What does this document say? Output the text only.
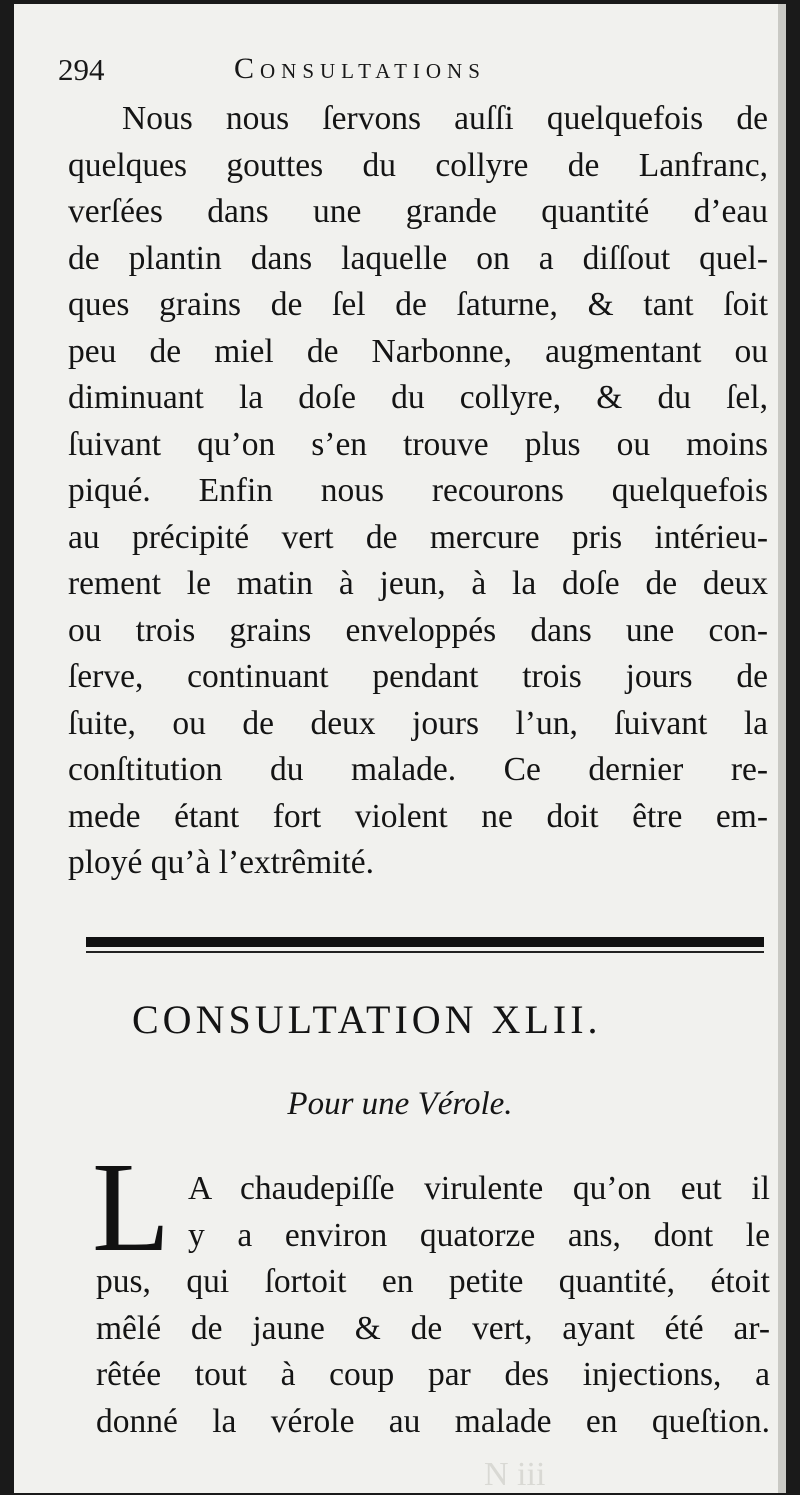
N iii
294	Consultations
Nous nous ſervons auſſi quelquefois de
quelques gouttes du collyre de Lanfranc,
verſées dans une grande quantité d’eau
de plantin dans laquelle on a diſſout quel-
ques grains de ſel de ſaturne, & tant ſoit
peu de miel de Narbonne, augmentant ou
diminuant la doſe du collyre, & du ſel,
ſuivant qu’on s’en trouve plus ou moins
piqué. Enfin nous recourons quelquefois
au précipité vert de mercure pris intérieu-
rement le matin à jeun, à la doſe de deux
ou trois grains enveloppés dans une con-
ſerve, continuant pendant trois jours de
ſuite, ou de deux jours l’un, ſuivant la
conſtitution du malade. Ce dernier re-
mede étant fort violent ne doit être em-
ployé qu’à l’extrêmité.
CONSULTATION XLII.
Pour une Vérole.
L A chaudepiſſe virulente qu’on eut il
y a environ quatorze ans, dont le
pus, qui ſortoit en petite quantité, étoit
mêlé de jaune & de vert, ayant été ar-
rêtée tout à coup par des injections, a
donné la vérole au malade en queſtion.
